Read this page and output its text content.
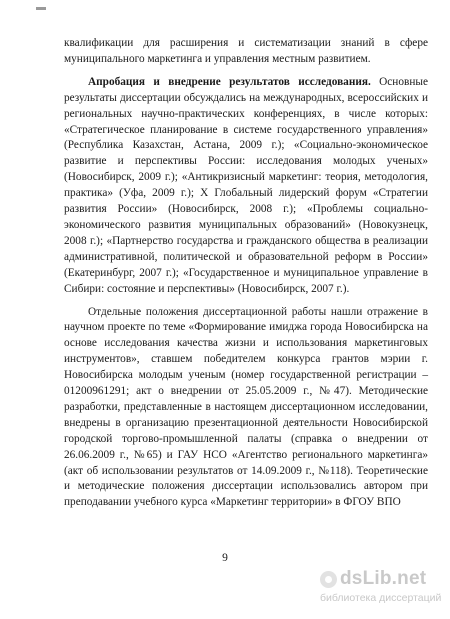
квалификации для расширения и систематизации знаний в сфере муниципального маркетинга и управления местным развитием.

Апробация и внедрение результатов исследования. Основные результаты диссертации обсуждались на международных, всероссийских и региональных научно-практических конференциях, в числе которых: «Стратегическое планирование в системе государственного управления» (Республика Казахстан, Астана, 2009 г.); «Социально-экономическое развитие и перспективы России: исследования молодых ученых» (Новосибирск, 2009 г.); «Антикризисный маркетинг: теория, методология, практика» (Уфа, 2009 г.); X Глобальный лидерский форум «Стратегии развития России» (Новосибирск, 2008 г.); «Проблемы социально-экономического развития муниципальных образований» (Новокузнецк, 2008 г.); «Партнерство государства и гражданского общества в реализации административной, политической и образовательной реформ в России» (Екатеринбург, 2007 г.); «Государственное и муниципальное управление в Сибири: состояние и перспективы» (Новосибирск, 2007 г.).

Отдельные положения диссертационной работы нашли отражение в научном проекте по теме «Формирование имиджа города Новосибирска на основе исследования качества жизни и использования маркетинговых инструментов», ставшем победителем конкурса грантов мэрии г. Новосибирска молодым ученым (номер государственной регистрации – 01200961291; акт о внедрении от 25.05.2009 г., №47). Методические разработки, представленные в настоящем диссертационном исследовании, внедрены в организацию презентационной деятельности Новосибирской городской торгово-промышленной палаты (справка о внедрении от 26.06.2009 г., №65) и ГАУ НСО «Агентство регионального маркетинга» (акт об использовании результатов от 14.09.2009 г., №118). Теоретические и методические положения диссертации использовались автором при преподавании учебного курса «Маркетинг территории» в ФГОУ ВПО

9
dsLib.net
библиотека диссертаций
